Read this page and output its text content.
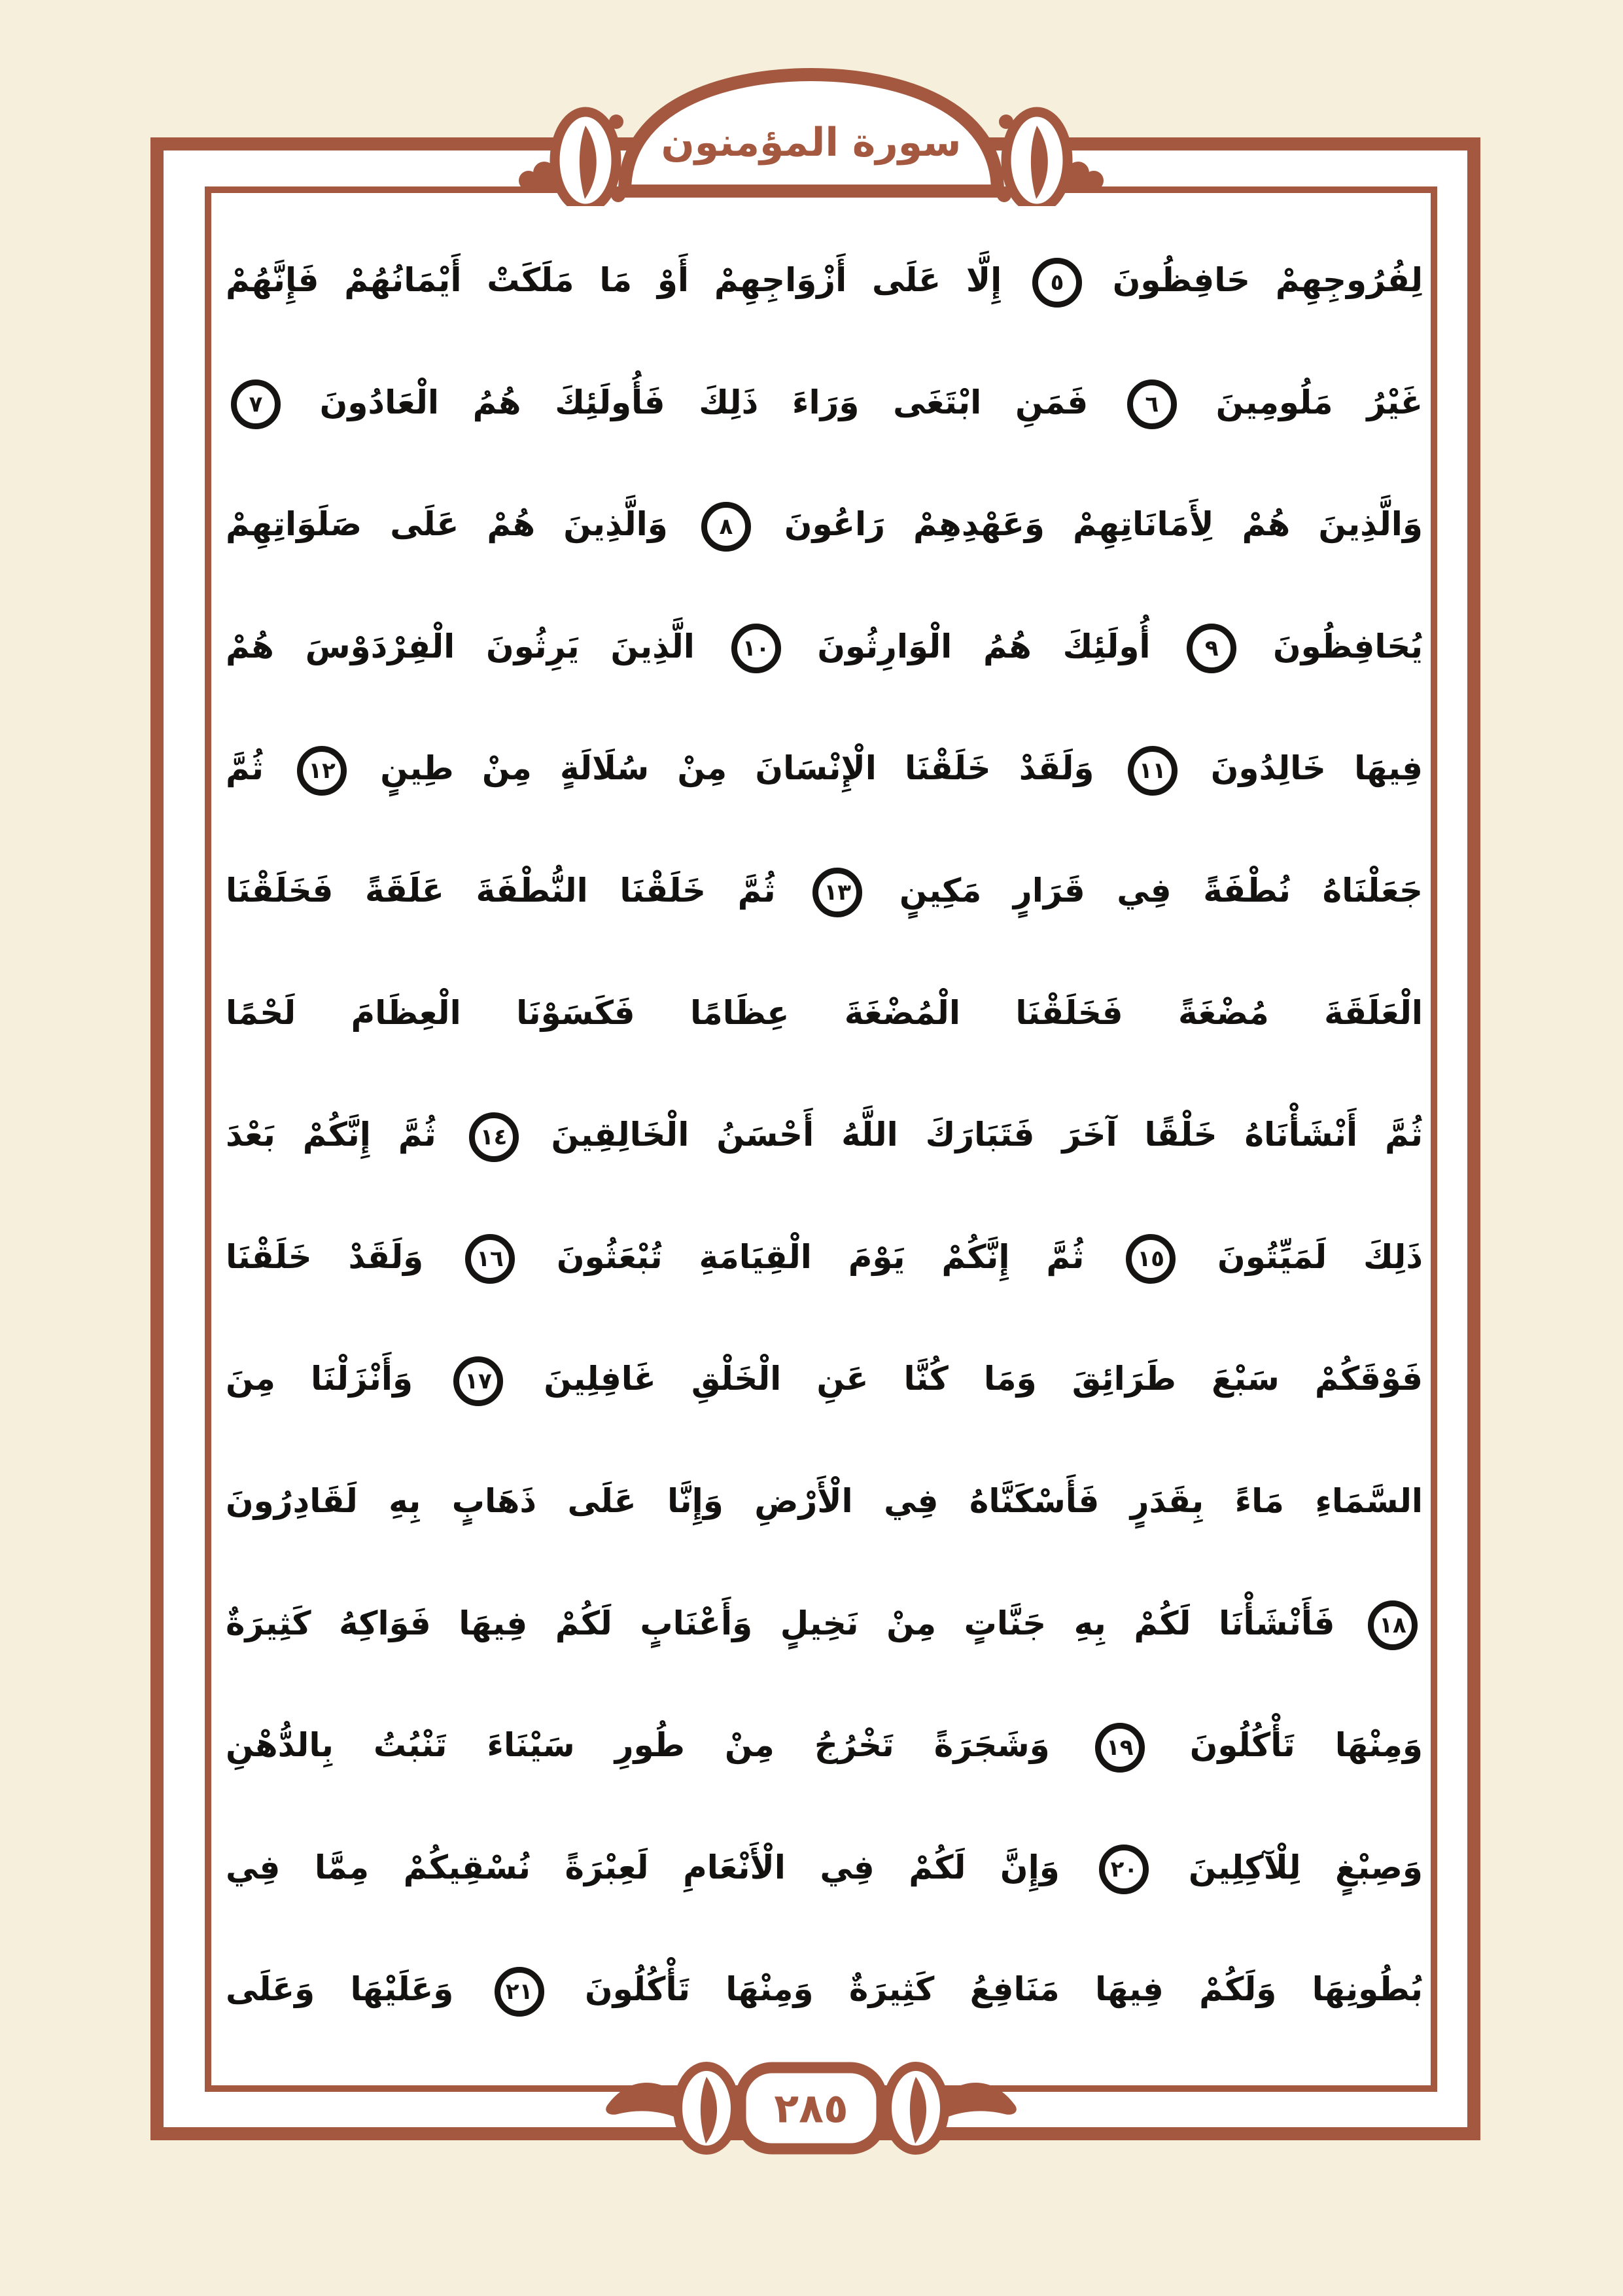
سورة المؤمنون
لِفُرُوجِهِمْ حَافِظُونَ
٥
إِلَّا عَلَى أَزْوَاجِهِمْ أَوْ مَا مَلَكَتْ أَيْمَانُهُمْ فَإِنَّهُمْ
غَيْرُ مَلُومِينَ
٦
فَمَنِ ابْتَغَى وَرَاءَ ذَلِكَ فَأُولَئِكَ هُمُ الْعَادُونَ
٧
وَالَّذِينَ هُمْ لِأَمَانَاتِهِمْ وَعَهْدِهِمْ رَاعُونَ
٨
وَالَّذِينَ هُمْ عَلَى صَلَوَاتِهِمْ
يُحَافِظُونَ
٩
أُولَئِكَ هُمُ الْوَارِثُونَ
١٠
الَّذِينَ يَرِثُونَ الْفِرْدَوْسَ هُمْ
فِيهَا خَالِدُونَ
١١
وَلَقَدْ خَلَقْنَا الْإِنْسَانَ مِنْ سُلَالَةٍ مِنْ طِينٍ
١٢
ثُمَّ
جَعَلْنَاهُ نُطْفَةً فِي قَرَارٍ مَكِينٍ
١٣
ثُمَّ خَلَقْنَا النُّطْفَةَ عَلَقَةً فَخَلَقْنَا
الْعَلَقَةَ مُضْغَةً فَخَلَقْنَا الْمُضْغَةَ عِظَامًا فَكَسَوْنَا الْعِظَامَ لَحْمًا
ثُمَّ أَنْشَأْنَاهُ خَلْقًا آخَرَ فَتَبَارَكَ اللَّهُ أَحْسَنُ الْخَالِقِينَ
١٤
ثُمَّ إِنَّكُمْ بَعْدَ
ذَلِكَ لَمَيِّتُونَ
١٥
ثُمَّ إِنَّكُمْ يَوْمَ الْقِيَامَةِ تُبْعَثُونَ
١٦
وَلَقَدْ خَلَقْنَا
فَوْقَكُمْ سَبْعَ طَرَائِقَ وَمَا كُنَّا عَنِ الْخَلْقِ غَافِلِينَ
١٧
وَأَنْزَلْنَا مِنَ
السَّمَاءِ مَاءً بِقَدَرٍ فَأَسْكَنَّاهُ فِي الْأَرْضِ وَإِنَّا عَلَى ذَهَابٍ بِهِ لَقَادِرُونَ
١٨
فَأَنْشَأْنَا لَكُمْ بِهِ جَنَّاتٍ مِنْ نَخِيلٍ وَأَعْنَابٍ لَكُمْ فِيهَا فَوَاكِهُ كَثِيرَةٌ
وَمِنْهَا تَأْكُلُونَ
١٩
وَشَجَرَةً تَخْرُجُ مِنْ طُورِ سَيْنَاءَ تَنْبُتُ بِالدُّهْنِ
وَصِبْغٍ لِلْآكِلِينَ
٢٠
وَإِنَّ لَكُمْ فِي الْأَنْعَامِ لَعِبْرَةً نُسْقِيكُمْ مِمَّا فِي
بُطُونِهَا وَلَكُمْ فِيهَا مَنَافِعُ كَثِيرَةٌ وَمِنْهَا تَأْكُلُونَ
٢١
وَعَلَيْهَا وَعَلَى
٢٨٥
